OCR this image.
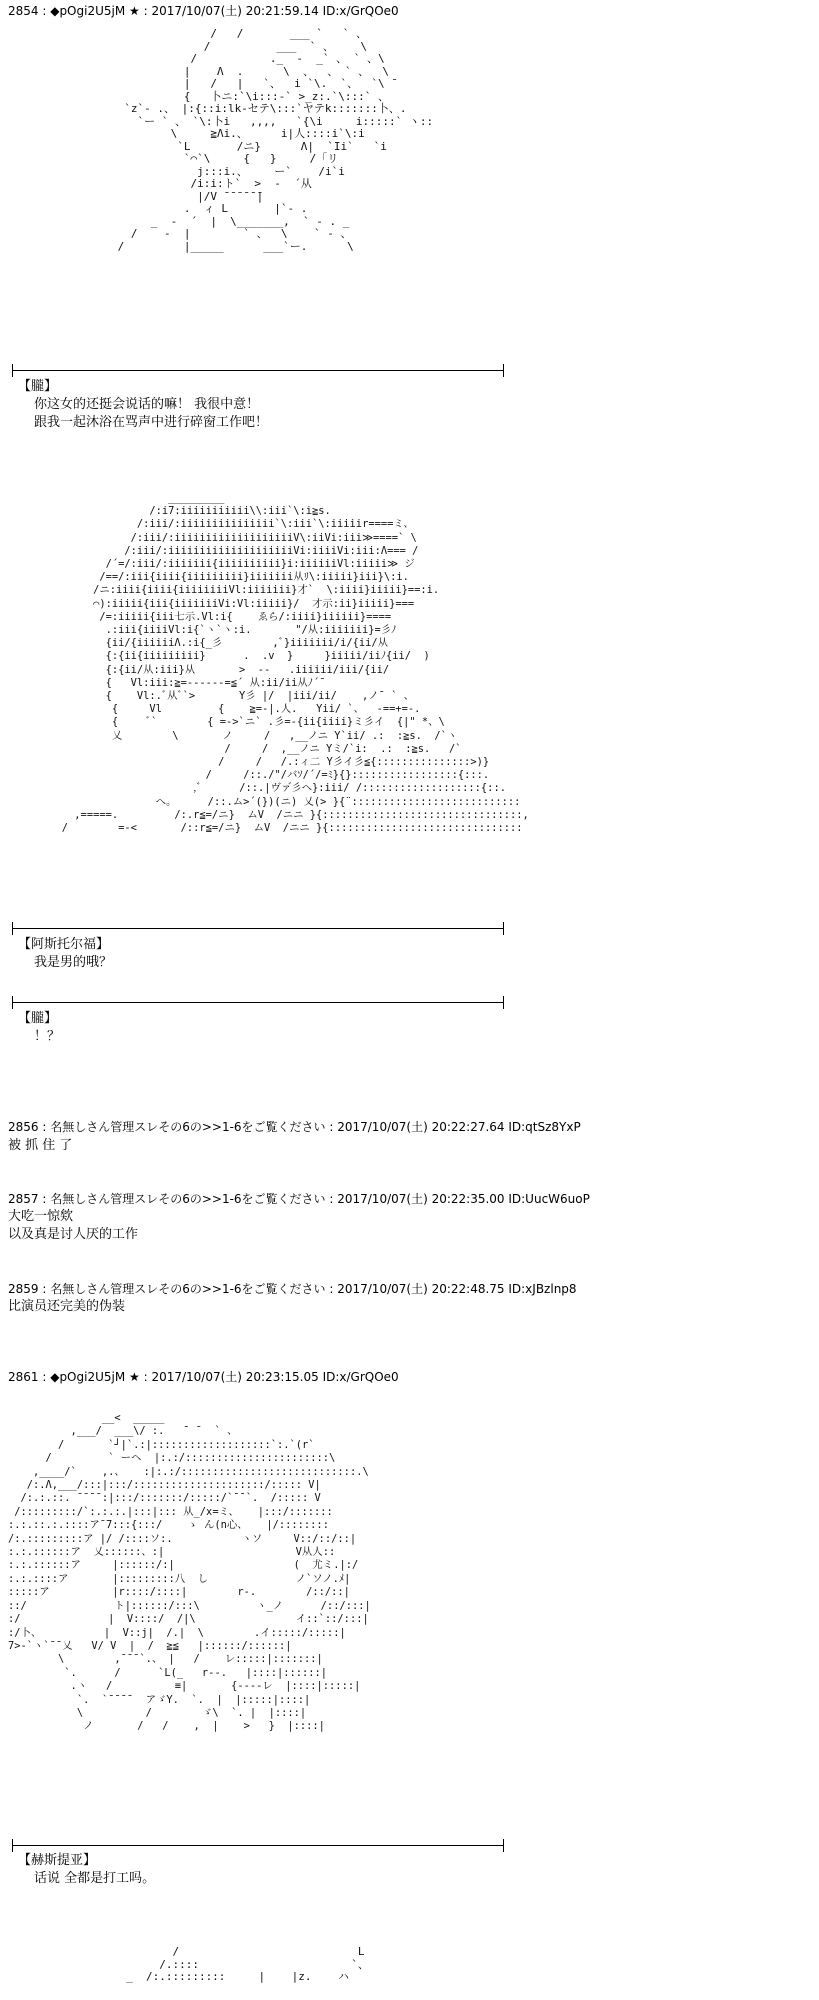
2854 : ◆pOgi2U5jM ★ : 2017/10/07(土) 20:21:59.14 ID:x/GrQOe0
/   /       ___ `   ` 、
/          ___  ` 、    \
/           ._  -  _` 、 ` 、\
|    Λ  .      \  、  、 ` 、  \
|   /   |   `、  i `\.  `、  `\ ¯
{   卜ニ:`\i:::‐` >_z:.`\:::` 、
`z`‐ .、 |:{::i:lk‐セテ\:::`ヤテk:::::::卜、.
`ー ` 、 `\:卜i   ,,,,   `{\i     i:::::` ヽ::
\     ≧Λi.、     i|人::::i`\:i
`L       /ニ}      Λ|  `Ιi`   `i
`⌒`\     {   }     /「リ
j:::i.、    ー`    /i`i
/i:i:ト`  >  -  ´从
|/V ̄ ̄ ̄ ̄ ̄ ̄|
.  ィ L       |`‐ .
_  -  ´  |  \_______,  ` ‐ . _
/    ‐  |        ` 、  \    ` ‐ 、
/         |_____      ___`ー.      \
【朧】
你这女的还挺会说话的嘛！ 我很中意！
跟我一起沐浴在骂声中进行碎窗工作吧！
_________
/:i7:iiiiiiiiiii\\:iii`\:i≧s.
/:iii/:iiiiiiiiiiiiiii`\:iii`\:iiiiir====ミ、
/:iii/:iiiiiiiiiiiiiiiiiiiV\:iiVi:iii≫====` \
/:iii/:iiiiiiiiiiiiiiiiiiiiVi:iiiiVi:iii:Λ=== /
/´=/:iii/:iiiiiii{iiiiiiiiii}i:iiiiiiVl:iiiii≫ ジ
/==/:iii{iiii{iiiiiiiii}iiiiiii从ﾘ\:iiiii}iii}\:i.
/ニ:iiii{iiii{iiiiiiiiVl:iiiiiii}才`  \:iiii}iiiii}==:i.
⌒):iiiii{iii{iiiiiiiVi:Vl:iiiii}/  才示:ii}iiiii}===
/=:iiiii{iii七示.Vl:i{    ゑら/:iiii}iiiiii}====
.:iii{iiiiVl:i{`ヽ`ヽ:i.       "/从:iiiiiii}=彡ﾉ
{ii/{iiiiiiΛ.:i{_彡        ,ﾞ}iiiiiii/i/{ii/从
{:{ii{iiiiiiiii}      .  .v  }     }iiiii/iiﾉ{ii/  )
{:{ii/从:iii}从       >  --   .iiiiii/iii/{ii/
{   Vl:iii:≧=------=≦´ 从:ii/ii从ﾉ´¯
{    Vl:.ﾞ从ﾞ`>       Y彡 |/  |iii/ii/    ,ノ¯ ` 、
{     Vl         {    ≧=-|.人.   Yii/ `、  -==+=-.
{     ﾞ`        { =->`ニ` .彡=-{ii{iiii}ミ彡イ  {|" *、\
乂        \       ノ     /   ,__ノニ Y`ii/ .:  :≧s.  /`ヽ
/     /  ,__ノニ Yミ/`i:  .:  :≧s.   /`
/     /   /.:ィ二 Y彡イ彡≦{:::::::::::::::>)}
/     /::./"/バｿ/´/=ﾐ}{}:::::::::::::::::{:::.
,ﾞ      /::.|ヴァ゙彡へ}:iii/ /:::::::::::::::::::{::.
へ。     /::.ム>´(})(ニ) 乂(> }{¨:::::::::::::::::::::::::::
,=====.         /:.r≦=/ニ}  ムV  /ニニ }{::::::::::::::::::::::::::::::::,
/        =-<       /::r≦=/ニ}  ムV  /ニニ }{:::::::::::::::::::::::::::::::
【阿斯托尔福】
我是男的哦？
【朧】
！？
2856 : 名無しさん管理スレその6の>>1-6をご覧ください : 2017/10/07(土) 20:22:27.64 ID:qtSz8YxP
被 抓 住 了
2857 : 名無しさん管理スレその6の>>1-6をご覧ください : 2017/10/07(土) 20:22:35.00 ID:UucW6uoP
大吃一惊欸
以及真是讨人厌的工作
2859 : 名無しさん管理スレその6の>>1-6をご覧ください : 2017/10/07(土) 20:22:48.75 ID:xJBzlnp8
比演员还完美的伪装
2861 : ◆pOgi2U5jM ★ : 2017/10/07(土) 20:23:15.05 ID:x/GrQOe0
__<  _____
,___/  ___\/ :.   ¯ ¯  ` 、
/       `┘|`.:|:::::::::::::::::::`:.`(r`
/         ` ーヘ  |:.:/:::::::::::::::::::::::\
,____/`    ,.、   :|:.:/::::::::::::::::::::::::::::.\
/:.Λ,___/:::|:::/:::::::::::::::::::::/::::: V|
/:.:.::. ¯¯¯¯:|:::/:::::::/:::::/`¯¯`.  /::::: V
/:::::::::/`:.:.:.|:::|::: 从_/x=ミ、   |:::/:::::::
:.:.::.:.::::ア¯7:::{:::/    ゝ ん(n心、   |/::::::::
/:.:::::::::ア |/ /::::ソ:.           ヽソ     V::/::/::|
:.:.::::::ア  乂::::::、:|                     V从人::
:.:.::::::ア     |::::::/:|                   (  尤ミ.|:/
:.:.::::ア       |:::::::::八  し              ノ`ソノ.ﾒ|
:::::ア          |r::::/::::|        r-.        /::/::|
::/              ト|::::::/:::\         ヽ_ノ      /::/:::|
:/              |  V::::/  /|\                イ::`::/:::|
:/卜、          |  V::j|  /.|  \        .イ:::::/:::::|
7>-`ヽ`¯¯乂   V/ V  |  /  ≧≦   |::::::/::::::|
\        ,¯¯¯`.、 |   /    レ:::::|:::::::|
`.      /      `L(_   r--.   |::::|::::::|
.ヽ   /          ≡|       {----レ  |::::|:::::|
`.  `¯¯¯¯  アゞY.  `.  |  |:::::|::::|
\          /        ゞ\  `. |  |::::|
ノ       /   /    ,  |    >   }  |::::|
【赫斯提亚】
话说 全都是打工吗。
/                           L
/.::::                       `、
_  /:.:::::::::     |    |z.    ハ
